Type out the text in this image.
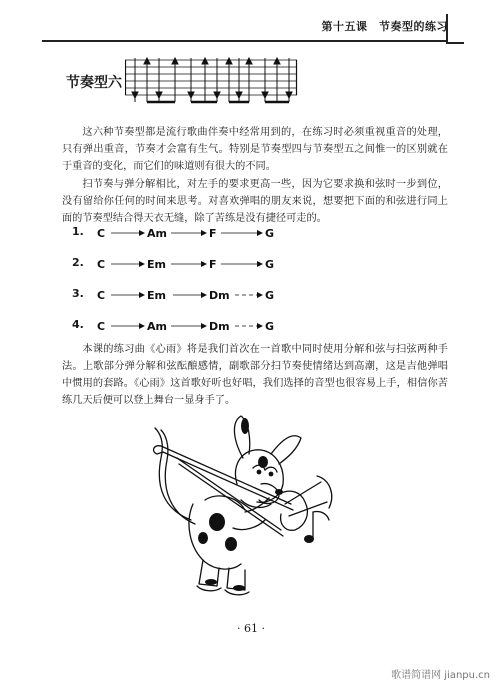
第十五课　节奏型的练习
节奏型六

这六种节奏型都是流行歌曲伴奏中经常用到的，在练习时必须重视重音的处理，只有弹出重音，节奏才会富有生气。特别是节奏型四与节奏型五之间惟一的区别就在于重音的变化，而它们的味道则有很大的不同。

扫节奏与弹分解相比，对左手的要求更高一些，因为它要求换和弦时一步到位，没有留给你任何的时间来思考。对喜欢弹唱的朋友来说，想要把下面的和弦进行同上面的节奏型结合得天衣无缝，除了苦练是没有捷径可走的。

1. C	Am	F	G
2. C	Em	F	G
3. C	Em	Dm	G
4. C	Am	Dm	G

本课的练习曲《心雨》将是我们首次在一首歌中同时使用分解和弦与扫弦两种手法。上歌部分弹分解和弦酝酿感情，副歌部分扫节奏使情绪达到高潮，这是吉他弹唱中惯用的套路。《心雨》这首歌好听也好唱，我们选择的音型也很容易上手，相信你苦练几天后便可以登上舞台一显身手了。

· 61 ·
歌谱简谱网 jianpu.cn
